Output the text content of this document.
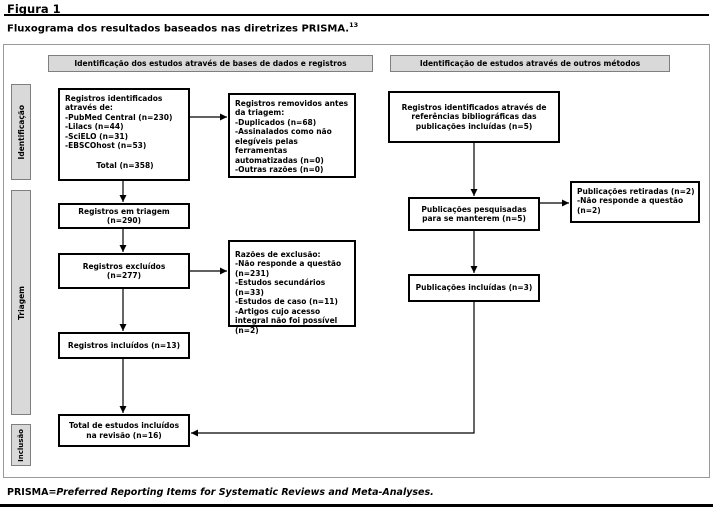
Figura 1
Fluxograma dos resultados baseados nas diretrizes PRISMA.$^{13}$
Identificação dos estudos através de bases de dados e registros	Identificação de estudos através de outros métodos
Identificação
Triagem
Inclusão
Registros identificados através de:
-PubMed Central (n=230)
-Lilacs (n=44)
-SciELO (n=31)
-EBSCOhost (n=53)
Total (n=358)
Registros removidos antes da triagem:
-Duplicados (n=68)
-Assinalados como não elegíveis pelas ferramentas automatizadas (n=0)
-Outras razões (n=0)
Registros em triagem (n=290)
Registros excluídos (n=277)
Razões de exclusão:
-Não responde a questão (n=231)
-Estudos secundários (n=33)
-Estudos de caso (n=11)
-Artigos cujo acesso integral não foi possível (n=2)
Registros incluídos (n=13)
Total de estudos incluídos na revisão (n=16)
Registros identificados através de referências bibliográficas das publicações incluídas (n=5)
Publicações pesquisadas para se manterem (n=5)
Publicações retiradas (n=2)
-Não responde a questão (n=2)
Publicações incluídas (n=3)
PRISMA=Preferred Reporting Items for Systematic Reviews and Meta-Analyses.
